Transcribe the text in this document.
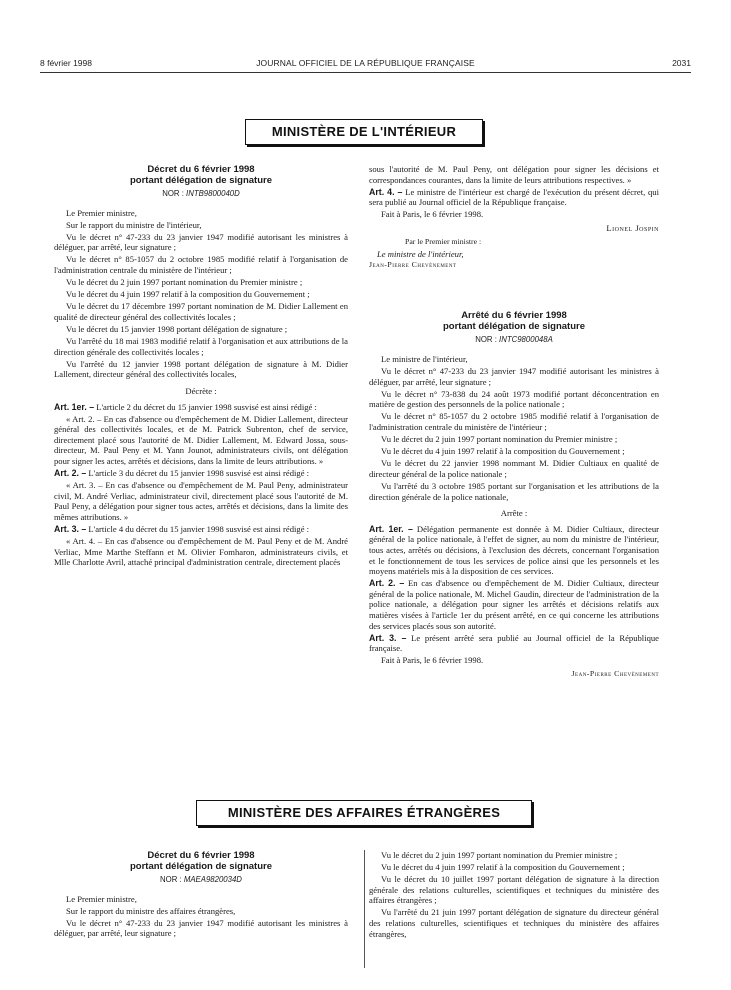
8 février 1998	JOURNAL OFFICIEL DE LA RÉPUBLIQUE FRANÇAISE	2031
MINISTÈRE DE L'INTÉRIEUR
Décret du 6 février 1998
portant délégation de signature
NOR : INTB9800040D

Le Premier ministre,

Sur le rapport du ministre de l'intérieur,

Vu le décret n° 47-233 du 23 janvier 1947 modifié autorisant les ministres à déléguer, par arrêté, leur signature ;

Vu le décret n° 85-1057 du 2 octobre 1985 modifié relatif à l'organisation de l'administration centrale du ministère de l'intérieur ;

Vu le décret du 2 juin 1997 portant nomination du Premier ministre ;

Vu le décret du 4 juin 1997 relatif à la composition du Gouvernement ;

Vu le décret du 17 décembre 1997 portant nomination de M. Didier Lallement en qualité de directeur général des collectivités locales ;

Vu le décret du 15 janvier 1998 portant délégation de signature ;

Vu l'arrêté du 18 mai 1983 modifié relatif à l'organisation et aux attributions de la direction générale des collectivités locales ;

Vu l'arrêté du 12 janvier 1998 portant délégation de signature à M. Didier Lallement, directeur général des collectivités locales,

Décrète :

Art. 1er. – L'article 2 du décret du 15 janvier 1998 susvisé est ainsi rédigé :

« Art. 2. – En cas d'absence ou d'empêchement de M. Didier Lallement, directeur général des collectivités locales, et de M. Patrick Subrenton, chef de service, directement placé sous l'autorité de M. Didier Lallement, M. Edward Jossa, sous-directeur, M. Paul Peny et M. Yann Jounot, administrateurs civils, ont délégation pour signer les actes, arrêtés et décisions, dans la limite de leurs attributions. »

Art. 2. – L'article 3 du décret du 15 janvier 1998 susvisé est ainsi rédigé :

« Art. 3. – En cas d'absence ou d'empêchement de M. Paul Peny, administrateur civil, M. André Verliac, administrateur civil, directement placé sous l'autorité de M. Paul Peny, a délégation pour signer tous actes, arrêtés et décisions, dans la limite des mêmes attributions. »

Art. 3. – L'article 4 du décret du 15 janvier 1998 susvisé est ainsi rédigé :

« Art. 4. – En cas d'absence ou d'empêchement de M. Paul Peny et de M. André Verliac, Mme Marthe Steffann et M. Olivier Fomharon, administrateurs civils, et Mlle Charlotte Avril, attaché principal d'administration centrale, directement placés

sous l'autorité de M. Paul Peny, ont délégation pour signer les décisions et correspondances courantes, dans la limite de leurs attributions respectives. »

Art. 4. – Le ministre de l'intérieur est chargé de l'exécution du présent décret, qui sera publié au Journal officiel de la République française.

Fait à Paris, le 6 février 1998.

Lionel Jospin

Par le Premier ministre :

Le ministre de l'intérieur,

Jean-Pierre Chevènement

Arrêté du 6 février 1998
portant délégation de signature
NOR : INTC9800048A

Le ministre de l'intérieur,

Vu le décret n° 47-233 du 23 janvier 1947 modifié autorisant les ministres à déléguer, par arrêté, leur signature ;

Vu le décret n° 73-838 du 24 août 1973 modifié portant déconcentration en matière de gestion des personnels de la police nationale ;

Vu le décret n° 85-1057 du 2 octobre 1985 modifié relatif à l'organisation de l'administration centrale du ministère de l'intérieur ;

Vu le décret du 2 juin 1997 portant nomination du Premier ministre ;

Vu le décret du 4 juin 1997 relatif à la composition du Gouvernement ;

Vu le décret du 22 janvier 1998 nommant M. Didier Cultiaux en qualité de directeur général de la police nationale ;

Vu l'arrêté du 3 octobre 1985 portant sur l'organisation et les attributions de la direction générale de la police nationale,

Arrête :

Art. 1er. – Délégation permanente est donnée à M. Didier Cultiaux, directeur général de la police nationale, à l'effet de signer, au nom du ministre de l'intérieur, tous actes, arrêtés ou décisions, à l'exclusion des décrets, concernant l'organisation et le fonctionnement de tous les services de police ainsi que les personnels et les moyens matériels mis à la disposition de ces services.

Art. 2. – En cas d'absence ou d'empêchement de M. Didier Cultiaux, directeur général de la police nationale, M. Michel Gaudin, directeur de l'administration de la police nationale, a délégation pour signer les arrêtés et décisions relatifs aux matières visées à l'article 1er du présent arrêté, en ce qui concerne les attributions des services placés sous son autorité.

Art. 3. – Le présent arrêté sera publié au Journal officiel de la République française.

Fait à Paris, le 6 février 1998.

Jean-Pierre Chevènement

MINISTÈRE DES AFFAIRES ÉTRANGÈRES
Décret du 6 février 1998
portant délégation de signature
NOR : MAEA9820034D

Le Premier ministre,

Sur le rapport du ministre des affaires étrangères,

Vu le décret n° 47-233 du 23 janvier 1947 modifié autorisant les ministres à déléguer, par arrêté, leur signature ;

Vu le décret du 2 juin 1997 portant nomination du Premier ministre ;

Vu le décret du 4 juin 1997 relatif à la composition du Gouvernement ;

Vu le décret du 10 juillet 1997 portant délégation de signature à la direction générale des relations culturelles, scientifiques et techniques du ministère des affaires étrangères ;

Vu l'arrêté du 21 juin 1997 portant délégation de signature du directeur général des relations culturelles, scientifiques et techniques du ministère des affaires étrangères,
